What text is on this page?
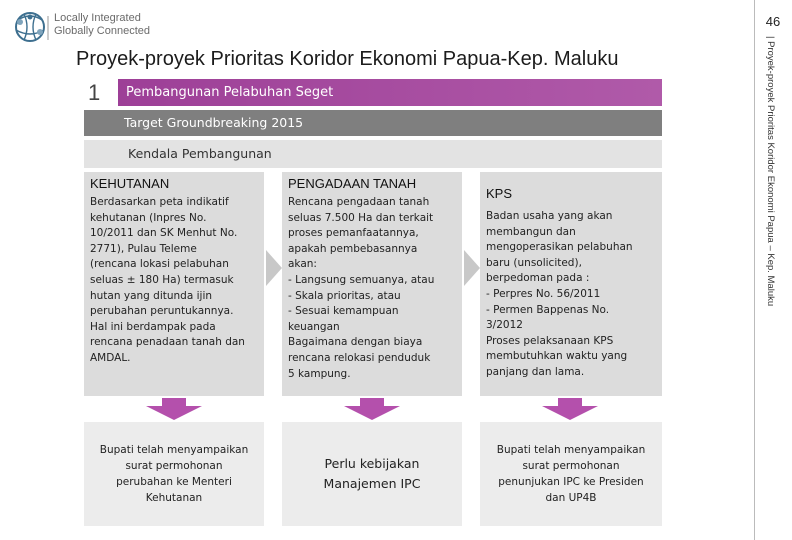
Locally Integrated
Globally Connected
Proyek-proyek Prioritas Koridor Ekonomi Papua-Kep. Maluku
46
| Proyek-proyek Prioritas Koridor Ekonomi Papua – Kep. Maluku
1	Pembangunan Pelabuhan Seget
Target Groundbreaking 2015
Kendala Pembangunan
KEHUTANAN
Berdasarkan peta indikatif
kehutanan (Inpres No.
10/2011 dan SK Menhut No.
2771), Pulau Teleme
(rencana lokasi pelabuhan
seluas ± 180 Ha) termasuk
hutan yang ditunda ijin
perubahan peruntukannya.
Hal ini berdampak pada
rencana penadaan tanah dan
AMDAL.
PENGADAAN TANAH
Rencana pengadaan tanah
seluas 7.500 Ha dan terkait
proses pemanfaatannya,
apakah pembebasannya
akan:
- Langsung semuanya, atau
- Skala prioritas, atau
- Sesuai kemampuan
keuangan
Bagaimana dengan biaya
rencana relokasi penduduk
5 kampung.
KPS
Badan usaha yang akan
membangun dan
mengoperasikan pelabuhan
baru (unsolicited),
berpedoman pada :
- Perpres No. 56/2011
- Permen Bappenas No.
3/2012
Proses pelaksanaan KPS
membutuhkan waktu yang
panjang dan lama.
Bupati telah menyampaikan
surat permohonan
perubahan ke Menteri
Kehutanan
Perlu kebijakan
Manajemen IPC
Bupati telah menyampaikan
surat permohonan
penunjukan IPC ke Presiden
dan UP4B
